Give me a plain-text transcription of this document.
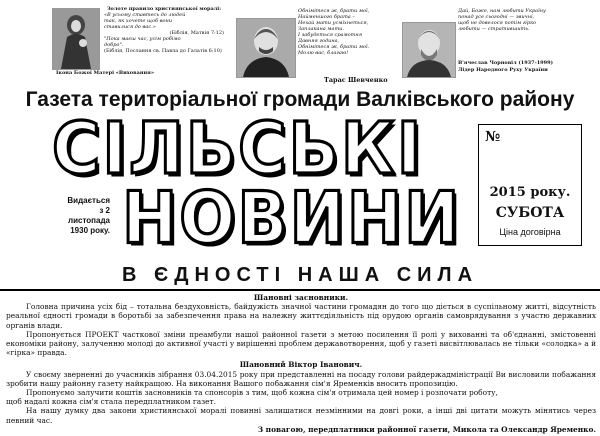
Золоте правило християнської моралі:
«В усьому ставтесь до людей
так, як хочете щоб вони
ставилися до вас.»
(Біблія, Матвія 7:12)
"Пока маєш час, усім робімо
добро".
(Біблія, Послання св. Павла до Галатів 6:10)
Ікона Божої Матері «Виховання»
Обнімітеся ж, брати мої,
Найменшого брата –
Нехай мати усміхнеться,
Заплакана мати.
І забудеться срамотня
Давняя година,
Обнімітеся ж, брати мої.
Молю вас, благаю!
Тарас Шевченко
Дай, Боже, нам любити Україну
понад усе сьогодні — звичні,
щоб не довелося потім гірко
любити — стратившить.
В'ячеслав Чорновіл (1937-1999)
Лідер Народного Руху України
Газета територіальної громади Валківського району
СІЛЬСЬКІ
НОВИНИ
№
2015 року.
СУБОТА
Ціна договірна
Видається
з 2 листопада
1930 року.
В ЄДНОСТІ НАША СИЛА
Шановні засновники.

Головна причина усіх бід – тотальна бездуховність, байдужість значної частини громадян до того що діється в суспільному житті, відсутність реальної єдності громади в боротьбі за забезпечення права на належну життєдіяльність під орудою органів самоврядування з участю державних органів влади.

Пропонується ПРОЕКТ часткової зміни преамбули нашої районної газети з метою посилення її ролі у вихованні та об'єднанні, змістовенні економіки району, залученню молоді до активної участі у вирішенні проблем державотворення, щоб у газеті висвітлювалась не тільки «солодка» а й «гірка» правда.

Шановний Віктор Іванович.

У своєму зверненні до учасників зібрання 03.04.2015 року при представленні на посаду голови райдержадміністрації Ви висловили побажання зробити нашу районну газету найкращою. На виконання Вашого побажання сім'я Яременків вносить пропозицію.

Пропонуємо залучити коштів засновників та спонсорів з тим, щоб кожна сім'я отримала цей номер і розпочати роботу,

щоб надалі кожна сім'я стала передплатником газет.

На нашу думку два закони християнської моралі повинні залишатися незмінними на довгі роки, а інші дві цитати можуть мінятись через певний час.

З повагою, передплатники районної газети, Микола та Олександр Яременко.
